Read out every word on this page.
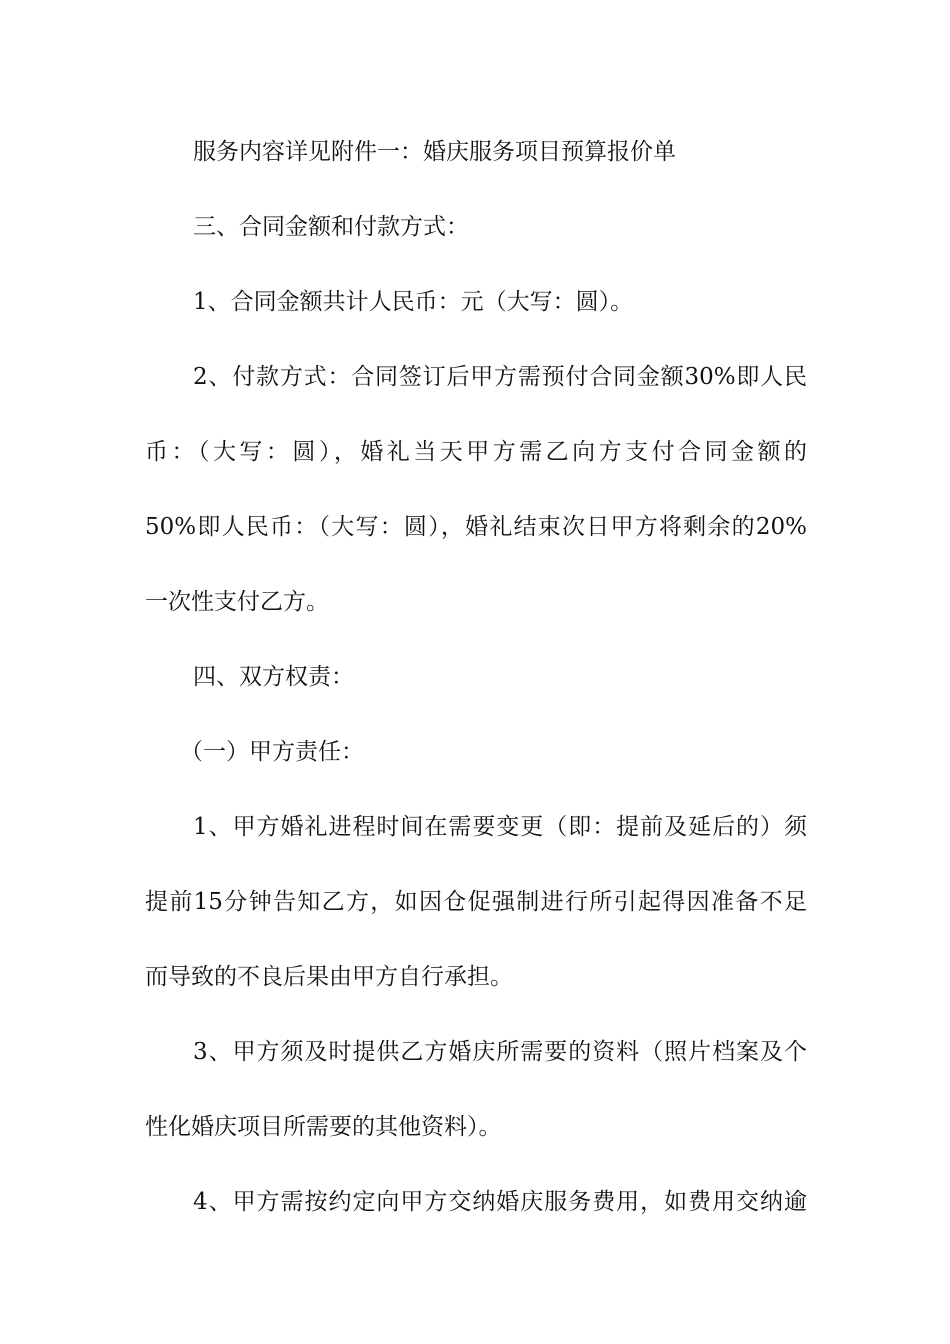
服务内容详见附件一：婚庆服务项目预算报价单
三、合同金额和付款方式：
1、合同金额共计人民币：元（大写：圆）。
2、付款方式：合同签订后甲方需预付合同金额30%即人民
币：（大写：圆），婚礼当天甲方需乙向方支付合同金额的
50%即人民币：（大写：圆），婚礼结束次日甲方将剩余的20%
一次性支付乙方。
四、双方权责：
（一）甲方责任：
1、甲方婚礼进程时间在需要变更（即：提前及延后的）须
提前15分钟告知乙方，如因仓促强制进行所引起得因准备不足
而导致的不良后果由甲方自行承担。
3、甲方须及时提供乙方婚庆所需要的资料（照片档案及个
性化婚庆项目所需要的其他资料）。
4、甲方需按约定向甲方交纳婚庆服务费用，如费用交纳逾
